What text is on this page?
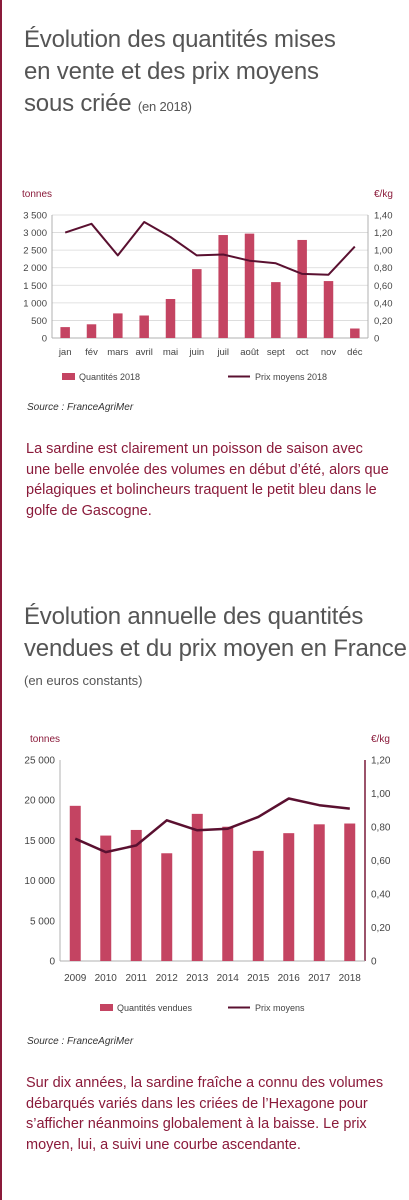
Évolution des quantités mises
en vente et des prix moyens
sous criée (en 2018)
tonnes	€/kg
0
500
1 000
1 500
2 000
2 500
3 000
3 500
0
0,20
0,40
0,60
0,80
1,00
1,20
1,40
jan fév mars avril mai juin juil août sept oct nov déc
Quantités 2018	Prix moyens 2018
Source : FranceAgriMer

La sardine est clairement un poisson de saison avec une belle envolée des volumes en début d’été, alors que pélagiques et bolincheurs traquent le petit bleu dans le golfe de Gascogne.

Évolution annuelle des quantités
vendues et du prix moyen en France
(en euros constants)
tonnes	€/kg
0
5 000
10 000
15 000
20 000
25 000
0
0,20
0,40
0,60
0,80
1,00
1,20
2009 2010 2011 2012 2013 2014 2015 2016 2017 2018
Quantités vendues	Prix moyens
Source : FranceAgriMer

Sur dix années, la sardine fraîche a connu des volumes débarqués variés dans les criées de l’Hexagone pour s’afficher néanmoins globalement à la baisse. Le prix moyen, lui, a suivi une courbe ascendante.
